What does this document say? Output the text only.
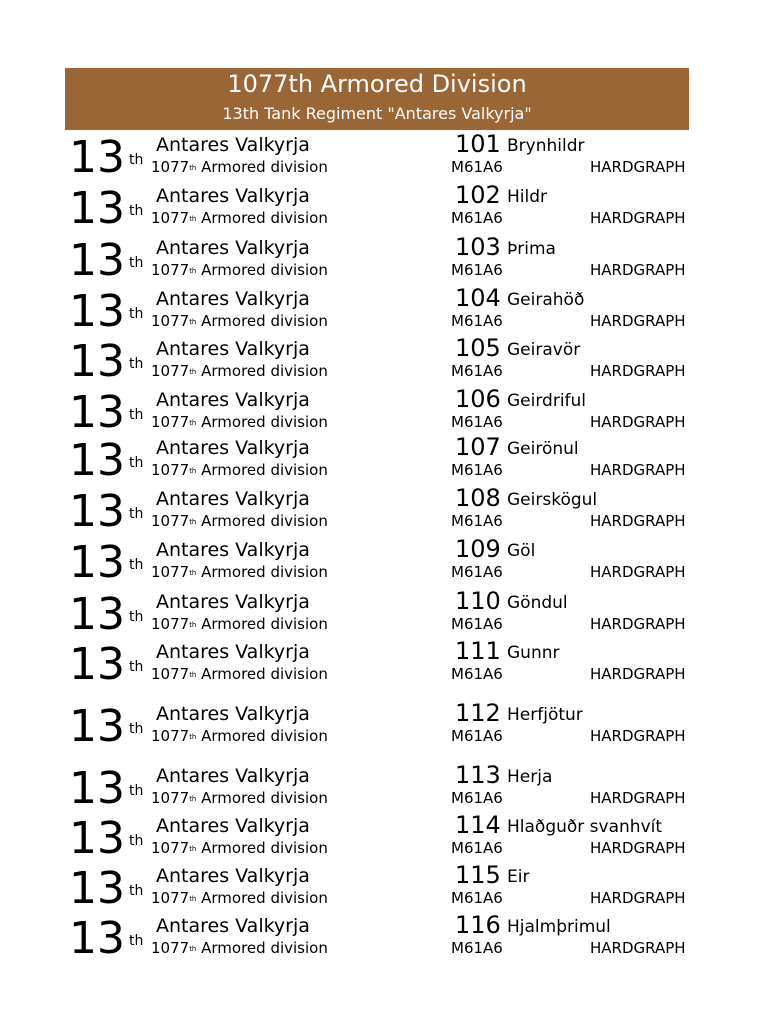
1077th Armored Division
13th Tank Regiment "Antares Valkyrja"
13 th
Antares Valkyrja
1077th Armored division
101 Brynhildr
M61A6	HARDGRAPH
13 th
Antares Valkyrja
1077th Armored division
102 Hildr
M61A6	HARDGRAPH
13 th
Antares Valkyrja
1077th Armored division
103 Þrima
M61A6	HARDGRAPH
13 th
Antares Valkyrja
1077th Armored division
104 Geirahöð
M61A6	HARDGRAPH
13 th
Antares Valkyrja
1077th Armored division
105 Geiravör
M61A6	HARDGRAPH
13 th
Antares Valkyrja
1077th Armored division
106 Geirdriful
M61A6	HARDGRAPH
13 th
Antares Valkyrja
1077th Armored division
107 Geirönul
M61A6	HARDGRAPH
13 th
Antares Valkyrja
1077th Armored division
108 Geirskögul
M61A6	HARDGRAPH
13 th
Antares Valkyrja
1077th Armored division
109 Göl
M61A6	HARDGRAPH
13 th
Antares Valkyrja
1077th Armored division
110 Göndul
M61A6	HARDGRAPH
13 th
Antares Valkyrja
1077th Armored division
111 Gunnr
M61A6	HARDGRAPH
13 th
Antares Valkyrja
1077th Armored division
112 Herfjötur
M61A6	HARDGRAPH
13 th
Antares Valkyrja
1077th Armored division
113 Herja
M61A6	HARDGRAPH
13 th
Antares Valkyrja
1077th Armored division
114 Hlaðguðr svanhvít
M61A6	HARDGRAPH
13 th
Antares Valkyrja
1077th Armored division
115 Eir
M61A6	HARDGRAPH
13 th
Antares Valkyrja
1077th Armored division
116 Hjalmþrimul
M61A6	HARDGRAPH
